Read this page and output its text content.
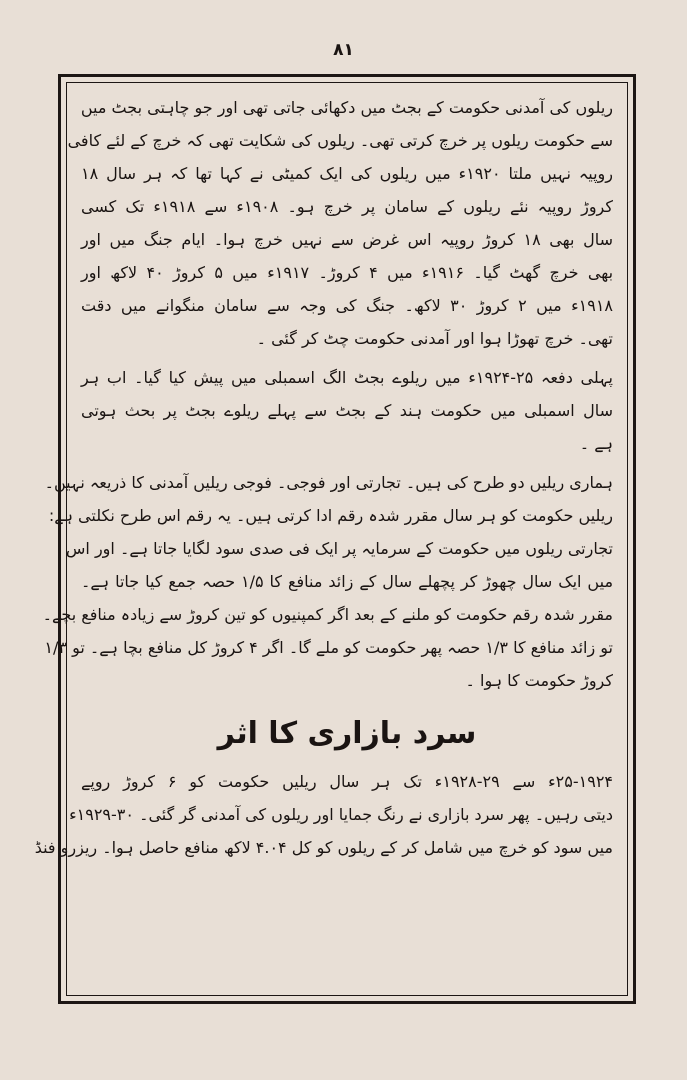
٨١
ریلوں کی آمدنی حکومت کے بجٹ میں دکھائی جاتی تھی اور جو چاہتی بجٹ میں
سے حکومت ریلوں پر خرچ کرتی تھی۔ ریلوں کی شکایت تھی کہ خرچ کے لئے کافی
روپیہ نہیں ملتا ۱۹۲۰ء میں ریلوں کی ایک کمیٹی نے کہا تھا کہ ہر سال ۱۸
کروڑ روپیہ نئے ریلوں کے سامان پر خرچ ہو۔ ۱۹۰۸ء سے ۱۹۱۸ء تک کسی
سال بھی ۱۸ کروڑ روپیہ اس غرض سے نہیں خرچ ہوا۔ ایام جنگ میں اور
بھی خرچ گھٹ گیا۔ ۱۹۱۶ء میں ۴ کروڑ۔ ۱۹۱۷ء میں ۵ کروڑ ۴۰ لاکھ اور
۱۹۱۸ء میں ۲ کروڑ ۳۰ لاکھ۔ جنگ کی وجہ سے سامان منگوانے میں دقت
تھی۔ خرچ تھوڑا ہوا اور آمدنی حکومت چٹ کر گئی ۔
پہلی دفعہ ۲۵-۱۹۲۴ء میں ریلوے بجٹ الگ اسمبلی میں پیش کیا گیا۔ اب ہر
سال اسمبلی میں حکومت ہند کے بجٹ سے پہلے ریلوے بجٹ پر بحث ہوتی
ہے ۔
ہماری ریلیں دو طرح کی ہیں۔ تجارتی اور فوجی۔ فوجی ریلیں آمدنی کا ذریعہ نہیں۔
ریلیں حکومت کو ہر سال مقرر شدہ رقم ادا کرتی ہیں۔ یہ رقم اس طرح نکلتی ہے:
تجارتی ریلوں میں حکومت کے سرمایہ پر ایک فی صدی سود لگایا جاتا ہے۔ اور اس
میں ایک سال چھوڑ کر پچھلے سال کے زائد منافع کا ۱/۵ حصہ جمع کیا جاتا ہے۔
مقرر شدہ رقم حکومت کو ملنے کے بعد اگر کمپنیوں کو تین کروڑ سے زیادہ منافع بچے۔
تو زائد منافع کا ۱/۳ حصہ پھر حکومت کو ملے گا۔ اگر ۴ کروڑ کل منافع بچا ہے۔ تو ۱/۳
کروڑ حکومت کا ہوا ۔
سرد بازاری کا اثر
۲۵-۱۹۲۴ء سے ۲۹-۱۹۲۸ء تک ہر سال ریلیں حکومت کو ۶ کروڑ روپے
دیتی رہیں۔ پھر سرد بازاری نے رنگ جمایا اور ریلوں کی آمدنی گر گئی۔ ۳۰-۱۹۲۹ء
میں سود کو خرچ میں شامل کر کے ریلوں کو کل ۴.۰۴ لاکھ منافع حاصل ہوا۔ ریزرو فنڈ
